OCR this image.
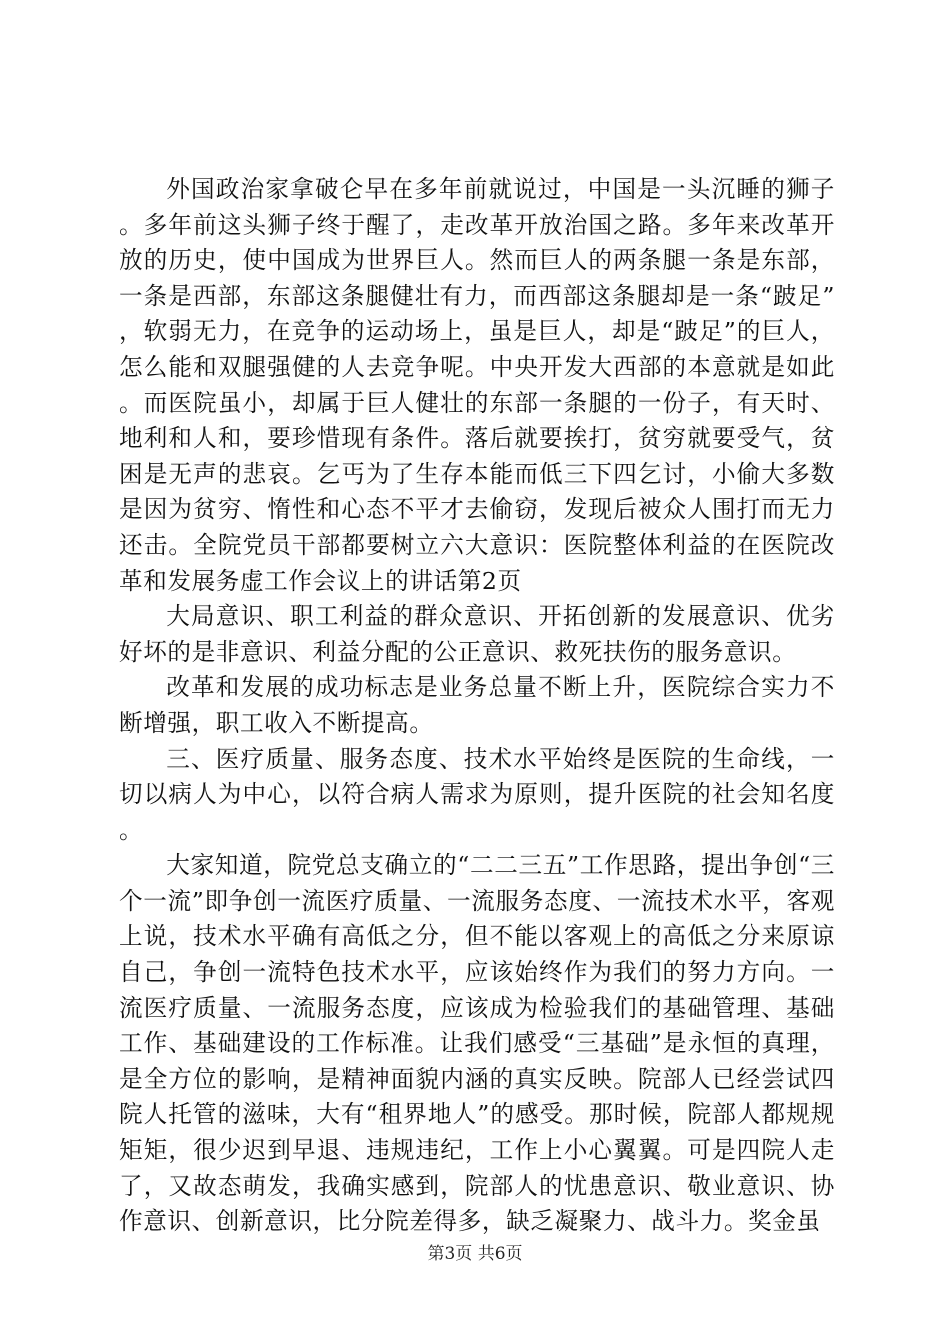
外国政治家拿破仑早在多年前就说过，中国是一头沉睡的狮子。多年前这头狮子终于醒了，走改革开放治国之路。多年来改革开放的历史，使中国成为世界巨人。然而巨人的两条腿一条是东部，一条是西部，东部这条腿健壮有力，而西部这条腿却是一条“跛足”，软弱无力，在竞争的运动场上，虽是巨人，却是“跛足”的巨人，怎么能和双腿强健的人去竞争呢。中央开发大西部的本意就是如此。而医院虽小，却属于巨人健壮的东部一条腿的一份子，有天时、地利和人和，要珍惜现有条件。落后就要挨打，贫穷就要受气，贫困是无声的悲哀。乞丐为了生存本能而低三下四乞讨，小偷大多数是因为贫穷、惰性和心态不平才去偷窃，发现后被众人围打而无力还击。全院党员干部都要树立六大意识：医院整体利益的在医院改革和发展务虚工作会议上的讲话第2页

大局意识、职工利益的群众意识、开拓创新的发展意识、优劣好坏的是非意识、利益分配的公正意识、救死扶伤的服务意识。

改革和发展的成功标志是业务总量不断上升，医院综合实力不断增强，职工收入不断提高。

三、医疗质量、服务态度、技术水平始终是医院的生命线，一切以病人为中心，以符合病人需求为原则，提升医院的社会知名度。

大家知道，院党总支确立的“二二三五”工作思路，提出争创“三个一流”即争创一流医疗质量、一流服务态度、一流技术水平，客观上说，技术水平确有高低之分，但不能以客观上的高低之分来原谅自己，争创一流特色技术水平，应该始终作为我们的努力方向。一流医疗质量、一流服务态度，应该成为检验我们的基础管理、基础工作、基础建设的工作标准。让我们感受“三基础”是永恒的真理，是全方位的影响，是精神面貌内涵的真实反映。院部人已经尝试四院人托管的滋味，大有“租界地人”的感受。那时候，院部人都规规矩矩，很少迟到早退、违规违纪，工作上小心翼翼。可是四院人走了，又故态萌发，我确实感到，院部人的忧患意识、敬业意识、协作意识、创新意识，比分院差得多，缺乏凝聚力、战斗力。奖金虽

第3页 共6页
